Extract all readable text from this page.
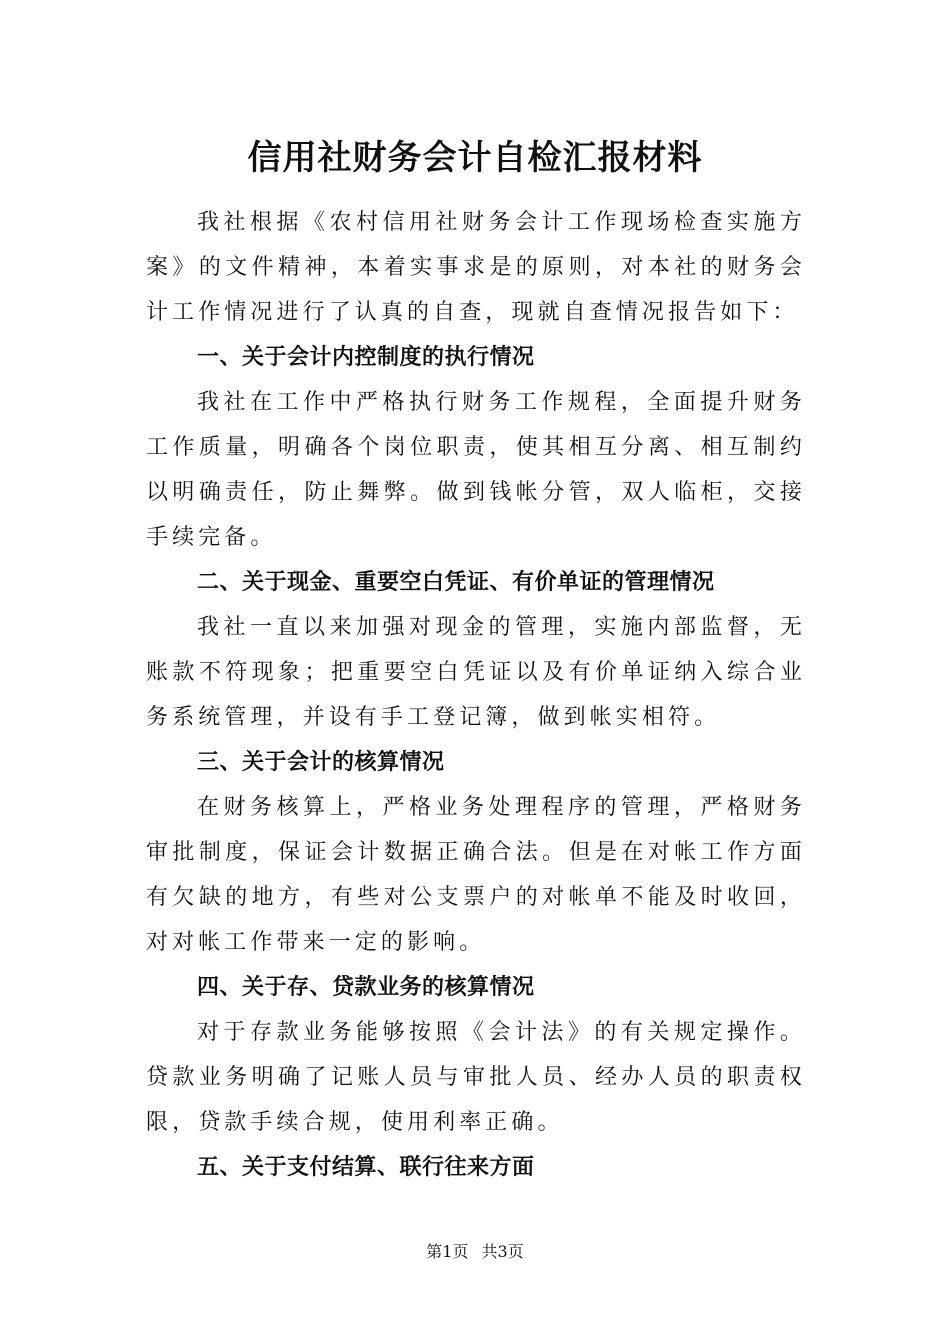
信用社财务会计自检汇报材料

我社根据《农村信用社财务会计工作现场检查实施方案》的文件精神，本着实事求是的原则，对本社的财务会计工作情况进行了认真的自查，现就自查情况报告如下：

一、关于会计内控制度的执行情况

我社在工作中严格执行财务工作规程，全面提升财务工作质量，明确各个岗位职责，使其相互分离、相互制约以明确责任，防止舞弊。做到钱帐分管，双人临柜，交接手续完备。

二、关于现金、重要空白凭证、有价单证的管理情况

我社一直以来加强对现金的管理，实施内部监督，无账款不符现象；把重要空白凭证以及有价单证纳入综合业务系统管理，并设有手工登记簿，做到帐实相符。

三、关于会计的核算情况

在财务核算上，严格业务处理程序的管理，严格财务审批制度，保证会计数据正确合法。但是在对帐工作方面有欠缺的地方，有些对公支票户的对帐单不能及时收回，对对帐工作带来一定的影响。

四、关于存、贷款业务的核算情况

对于存款业务能够按照《会计法》的有关规定操作。贷款业务明确了记账人员与审批人员、经办人员的职责权限，贷款手续合规，使用利率正确。

五、关于支付结算、联行往来方面

第1页 共3页
